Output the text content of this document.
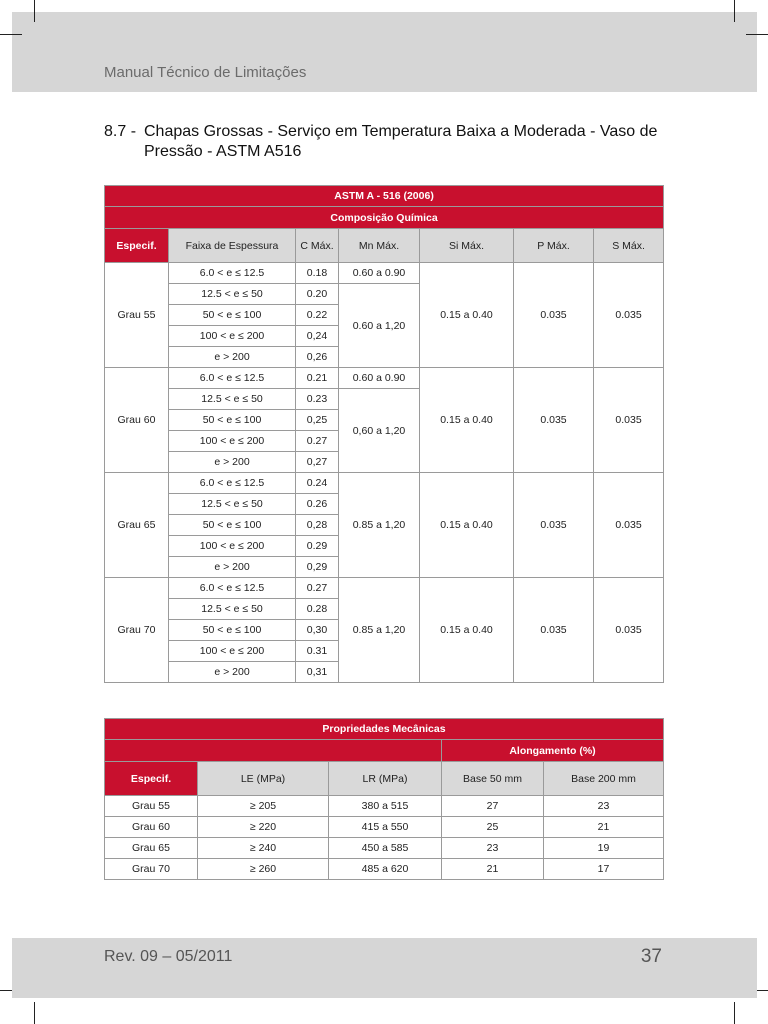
Manual Técnico de Limitações
8.7 - Chapas Grossas - Serviço em Temperatura Baixa a Moderada - Vaso de Pressão - ASTM A516
ASTM A - 516 (2006)						
Composição Química						
Especif.	Faixa de Espessura	C Máx.	Mn Máx.	Si Máx.	P Máx.	S Máx.
Grau 55	6.0 < e ≤ 12.5	0.18	0.60 a 0.90	0.15 a 0.40	0.035	0.035
	12.5 < e ≤ 50	0.20	0.60 a 1,20			
	50 < e ≤ 100	0.22				
	100 < e ≤ 200	0,24				
	e > 200	0,26				
Grau 60	6.0 < e ≤ 12.5	0.21	0.60 a 0.90	0.15 a 0.40	0.035	0.035
	12.5 < e ≤ 50	0.23	0,60 a 1,20			
	50 < e ≤ 100	0,25				
	100 < e ≤ 200	0.27				
	e > 200	0,27				
Grau 65	6.0 < e ≤ 12.5	0.24	0.85 a 1,20	0.15 a 0.40	0.035	0.035
	12.5 < e ≤ 50	0.26				
	50 < e ≤ 100	0,28				
	100 < e ≤ 200	0.29				
	e > 200	0,29				
Grau 70	6.0 < e ≤ 12.5	0.27	0.85 a 1,20	0.15 a 0.40	0.035	0.035
	12.5 < e ≤ 50	0.28				
	50 < e ≤ 100	0,30				
	100 < e ≤ 200	0.31				
	e > 200	0,31				
Propriedades Mecânicas				
			Alongamento (%)	
Especif.	LE (MPa)	LR (MPa)	Base 50 mm	Base 200 mm
Grau 55	≥ 205	380 a 515	27	23
Grau 60	≥ 220	415 a 550	25	21
Grau 65	≥ 240	450 a 585	23	19
Grau 70	≥ 260	485 a 620	21	17
Rev. 09 – 05/2011	37
